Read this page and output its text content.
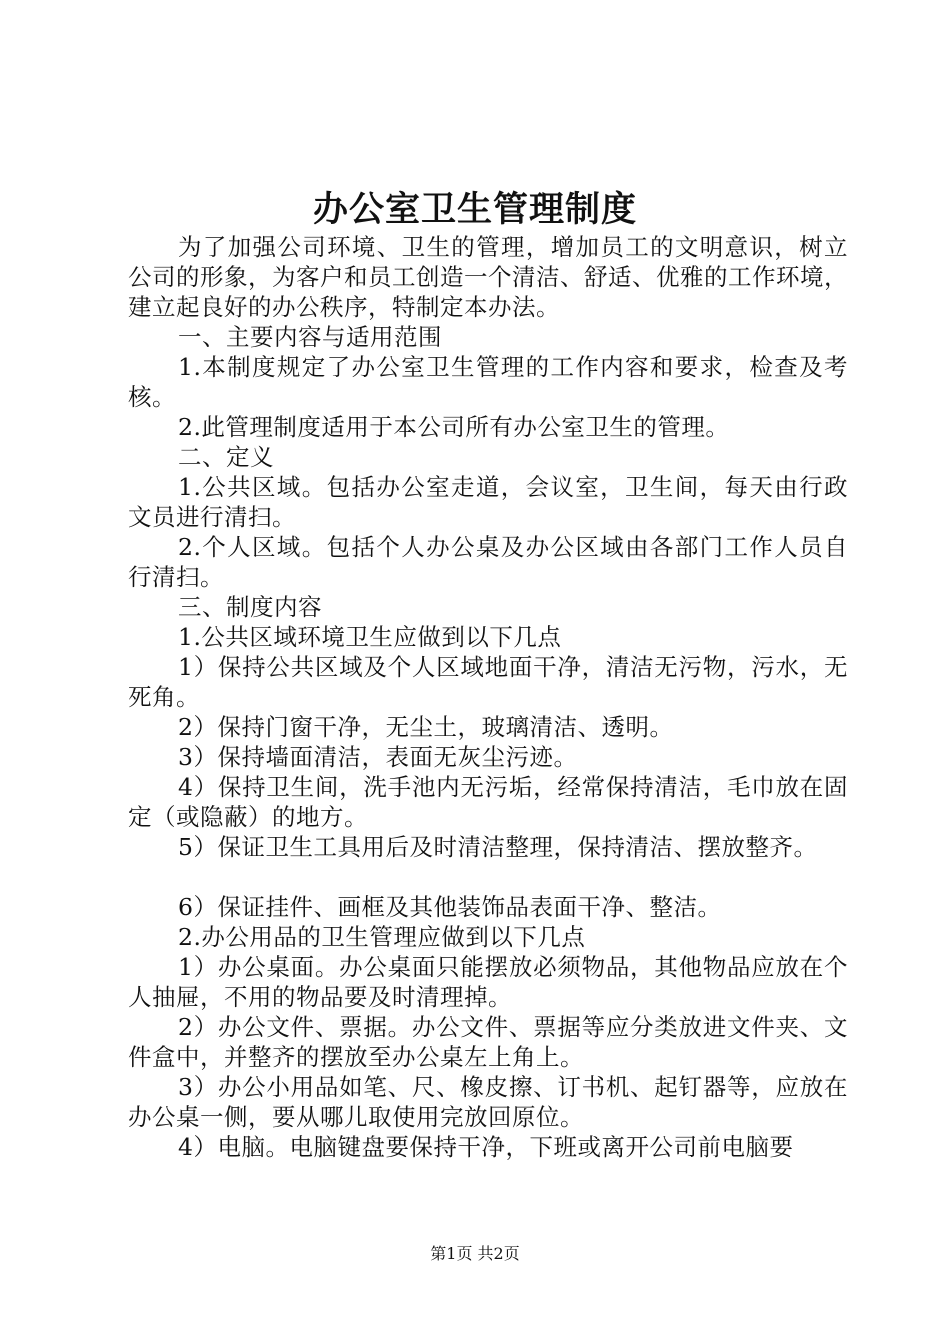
办公室卫生管理制度

为了加强公司环境、卫生的管理，增加员工的文明意识，树立公司的形象，为客户和员工创造一个清洁、舒适、优雅的工作环境，建立起良好的办公秩序，特制定本办法。

一、主要内容与适用范围

1.本制度规定了办公室卫生管理的工作内容和要求，检查及考核。

2.此管理制度适用于本公司所有办公室卫生的管理。

二、定义

1.公共区域。包括办公室走道，会议室，卫生间，每天由行政文员进行清扫。

2.个人区域。包括个人办公桌及办公区域由各部门工作人员自行清扫。

三、制度内容

1.公共区域环境卫生应做到以下几点

1）保持公共区域及个人区域地面干净，清洁无污物，污水，无死角。

2）保持门窗干净，无尘土，玻璃清洁、透明。

3）保持墙面清洁，表面无灰尘污迹。

4）保持卫生间，洗手池内无污垢，经常保持清洁，毛巾放在固定（或隐蔽）的地方。

5）保证卫生工具用后及时清洁整理，保持清洁、摆放整齐。

6）保证挂件、画框及其他装饰品表面干净、整洁。

2.办公用品的卫生管理应做到以下几点

1）办公桌面。办公桌面只能摆放必须物品，其他物品应放在个人抽屉，不用的物品要及时清理掉。

2）办公文件、票据。办公文件、票据等应分类放进文件夹、文件盒中，并整齐的摆放至办公桌左上角上。

3）办公小用品如笔、尺、橡皮擦、订书机、起钉器等，应放在办公桌一侧，要从哪儿取使用完放回原位。

4）电脑。电脑键盘要保持干净，下班或离开公司前电脑要

第1页 共2页
